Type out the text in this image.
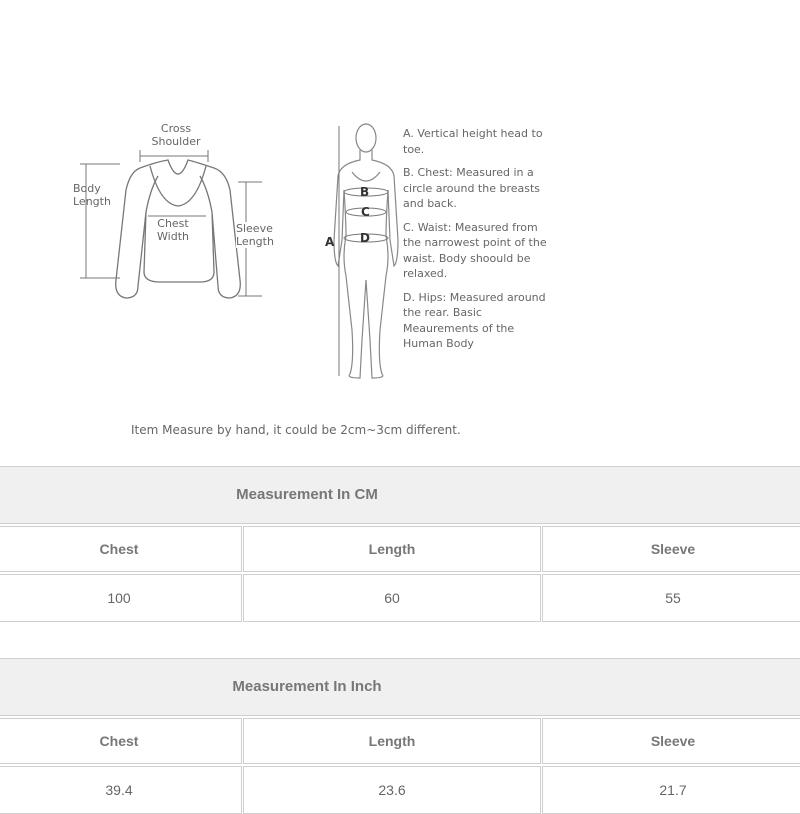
Cross
Shoulder
Body
Length
Chest
Width
Sleeve
Length
B
C
D
A
A. Vertical height head to toe.
B. Chest: Measured in a circle around the breasts and back.
C. Waist: Measured from the narrowest point of the waist. Body shoould be relaxed.
D. Hips: Measured around the rear. Basic Meaurements of the Human Body
Item Measure by hand, it could be 2cm~3cm different.
Measurement In CM
Chest	Length	Sleeve
100	60	55
Measurement In Inch
Chest	Length	Sleeve
39.4	23.6	21.7
